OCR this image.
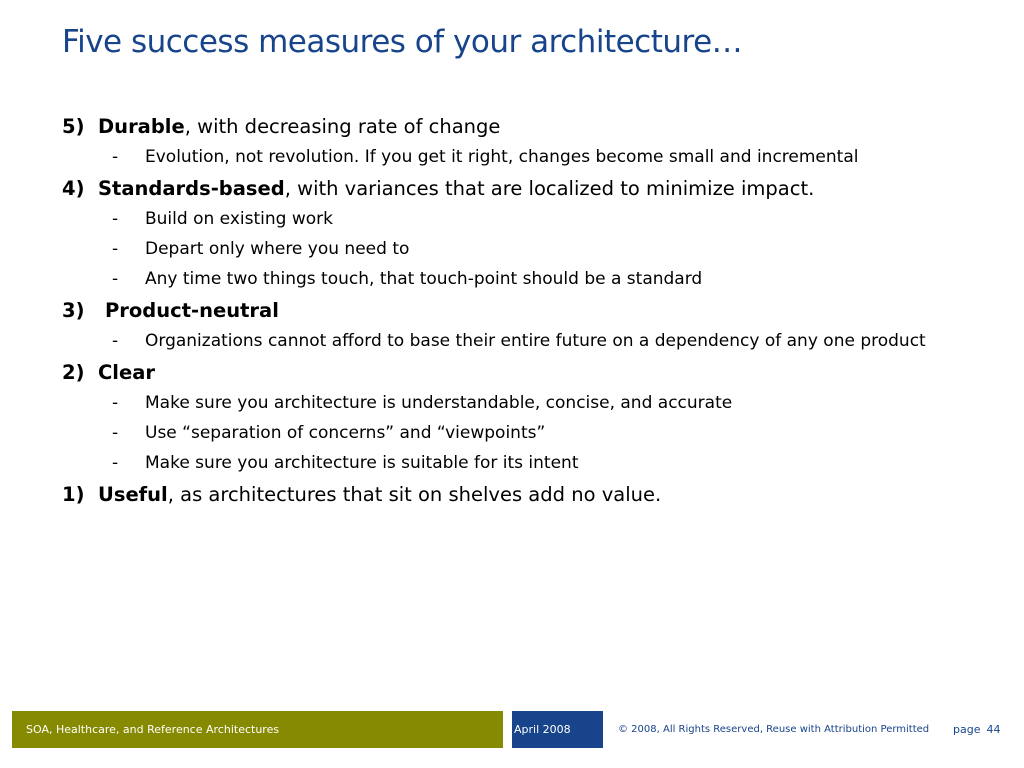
Five success measures of your architecture…
5) Durable , with decreasing rate of change
-	Evolution, not revolution. If you get it right, changes become small and incremental
4) Standards-based , with variances that are localized to minimize impact.
-	Build on existing work
-	Depart only where you need to
-	Any time two things touch, that touch-point should be a standard
3)	Product-neutral
-	Organizations cannot afford to base their entire future on a dependency of any one product
2) Clear
-	Make sure you architecture is understandable, concise, and accurate
-	Use “separation of concerns” and “viewpoints”
-	Make sure you architecture is suitable for its intent
1) Useful , as architectures that sit on shelves add no value.
SOA, Healthcare, and Reference Architectures	April 2008	© 2008, All Rights Reserved, Reuse with Attribution Permitted page 44
